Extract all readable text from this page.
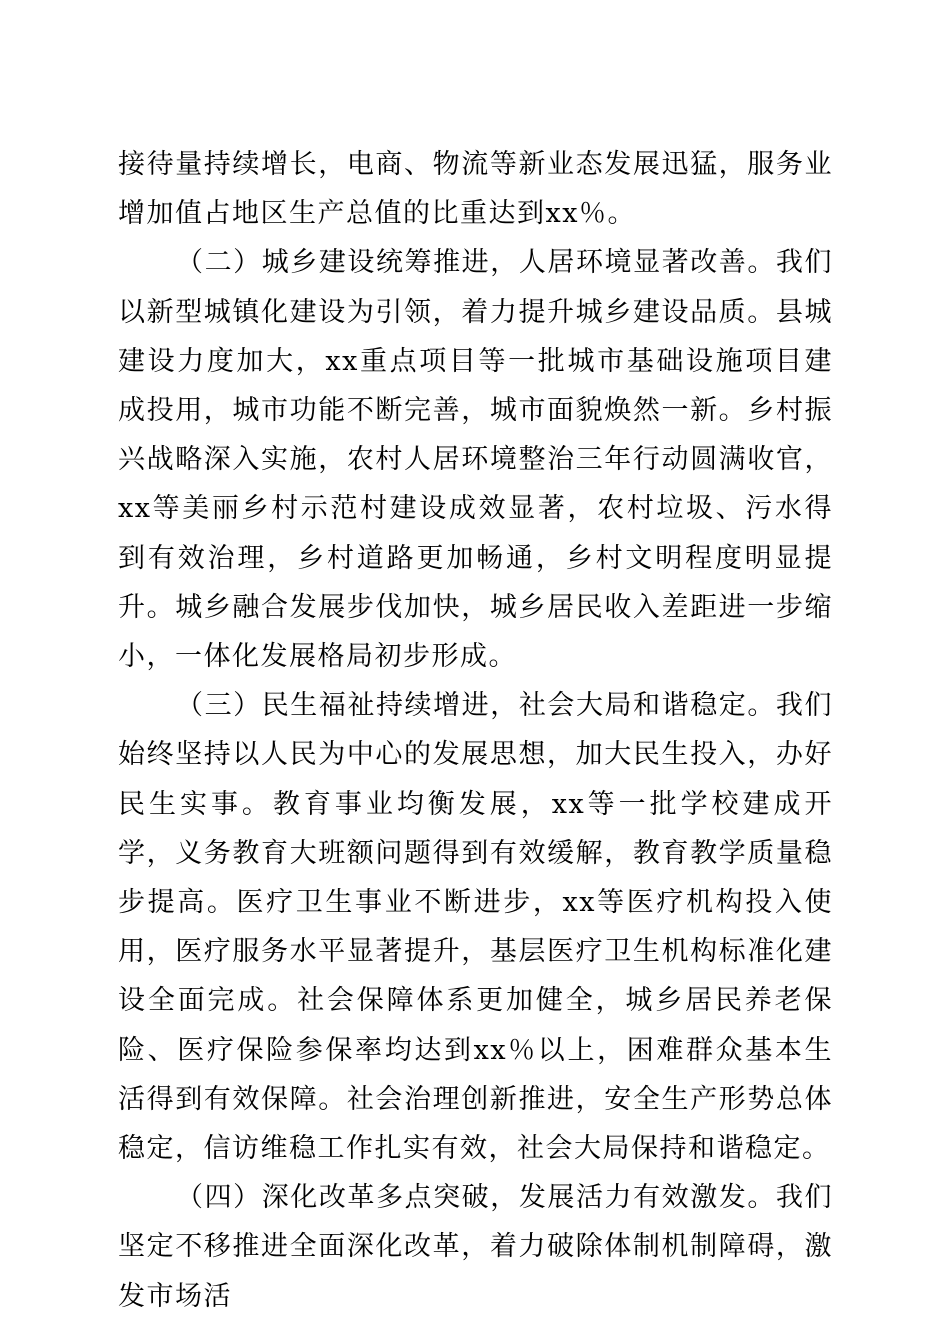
接待量持续增长，电商、物流等新业态发展迅猛，服务业增加值占地区生产总值的比重达到xx％。

（二）城乡建设统筹推进，人居环境显著改善。我们以新型城镇化建设为引领，着力提升城乡建设品质。县城建设力度加大，xx重点项目等一批城市基础设施项目建成投用，城市功能不断完善，城市面貌焕然一新。乡村振兴战略深入实施，农村人居环境整治三年行动圆满收官，xx等美丽乡村示范村建设成效显著，农村垃圾、污水得到有效治理，乡村道路更加畅通，乡村文明程度明显提升。城乡融合发展步伐加快，城乡居民收入差距进一步缩小，一体化发展格局初步形成。

（三）民生福祉持续增进，社会大局和谐稳定。我们始终坚持以人民为中心的发展思想，加大民生投入，办好民生实事。教育事业均衡发展，xx等一批学校建成开学，义务教育大班额问题得到有效缓解，教育教学质量稳步提高。医疗卫生事业不断进步，xx等医疗机构投入使用，医疗服务水平显著提升，基层医疗卫生机构标准化建设全面完成。社会保障体系更加健全，城乡居民养老保险、医疗保险参保率均达到xx％以上，困难群众基本生活得到有效保障。社会治理创新推进，安全生产形势总体稳定，信访维稳工作扎实有效，社会大局保持和谐稳定。

（四）深化改革多点突破，发展活力有效激发。我们坚定不移推进全面深化改革，着力破除体制机制障碍，激发市场活
